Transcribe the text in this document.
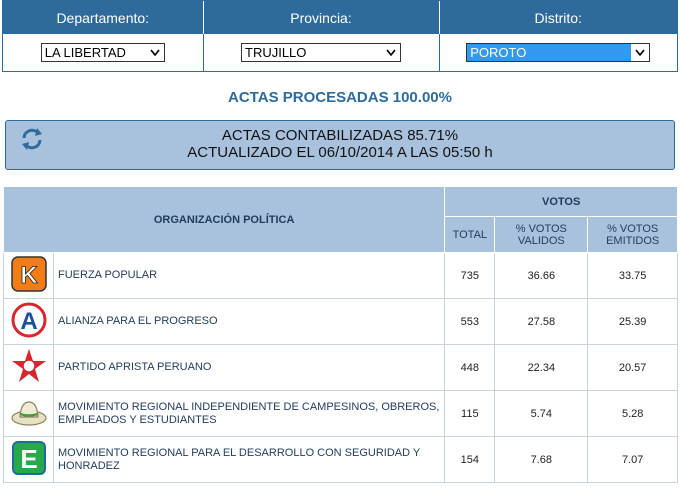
Departamento:	Provincia:	Distrito:
LA LIBERTAD	TRUJILLO	POROTO
ACTAS PROCESADAS 100.00%
ACTAS CONTABILIZADAS 85.71%
ACTUALIZADO EL 06/10/2014 A LAS 05:50 h
ORGANIZACIÓN POLÍTICA		VOTOS		
		TOTAL	% VOTOS VALIDOS	% VOTOS EMITIDOS

K	FUERZA POPULAR	735	36.66	33.75

A	ALIANZA PARA EL PROGRESO	553	27.58	25.39
	PARTIDO APRISTA PERUANO	448	22.34	20.57
	MOVIMIENTO REGIONAL INDEPENDIENTE DE CAMPESINOS, OBREROS, EMPLEADOS Y ESTUDIANTES	115	5.74	5.28

E	MOVIMIENTO REGIONAL PARA EL DESARROLLO CON SEGURIDAD Y HONRADEZ	154	7.68	7.07
